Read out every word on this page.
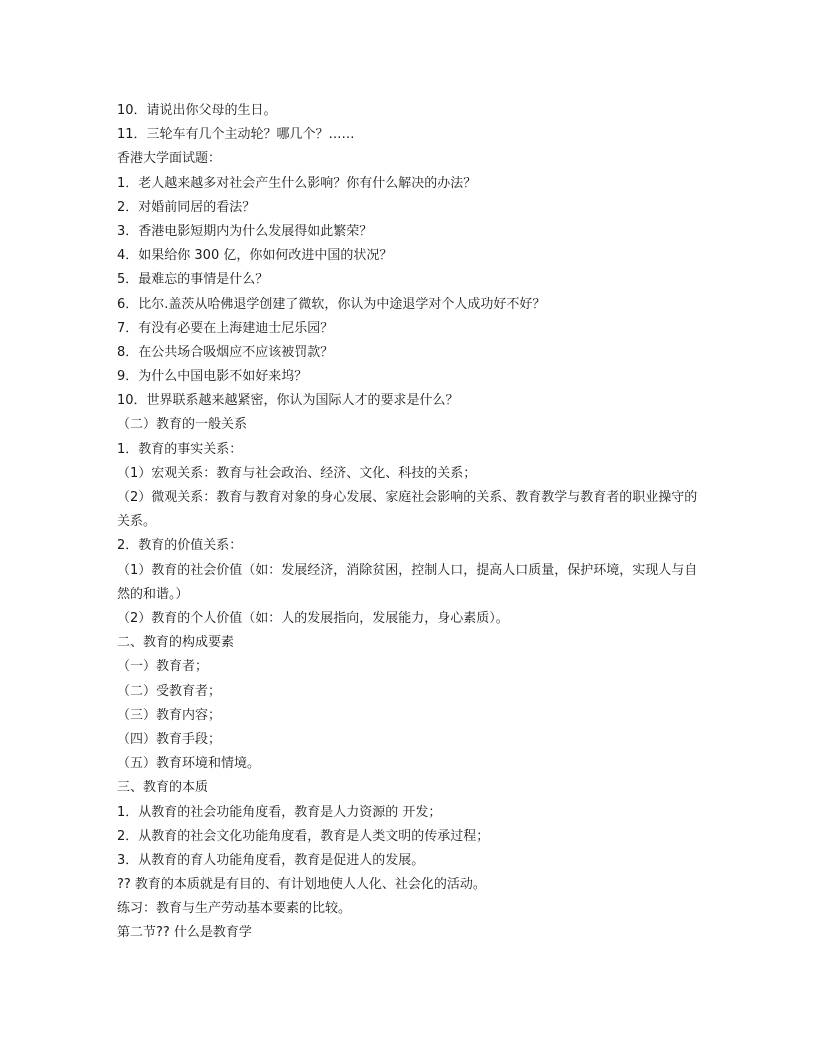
10．请说出你父母的生日。
11．三轮车有几个主动轮？哪几个？……
香港大学面试题：
1．老人越来越多对社会产生什么影响？你有什么解决的办法？
2．对婚前同居的看法？
3．香港电影短期内为什么发展得如此繁荣？
4．如果给你 300 亿，你如何改进中国的状况？
5．最难忘的事情是什么？
6．比尔.盖茨从哈佛退学创建了微软，你认为中途退学对个人成功好不好？
7．有没有必要在上海建迪士尼乐园？
8．在公共场合吸烟应不应该被罚款？
9．为什么中国电影不如好来坞？
10．世界联系越来越紧密，你认为国际人才的要求是什么？
（二）教育的一般关系
1．教育的事实关系：
（1）宏观关系：教育与社会政治、经济、文化、科技的关系；
（2）微观关系：教育与教育对象的身心发展、家庭社会影响的关系、教育教学与教育者的职业操守的关系。
2．教育的价值关系：
（1）教育的社会价值（如：发展经济，消除贫困，控制人口，提高人口质量，保护环境，实现人与自然的和谐。）
（2）教育的个人价值（如：人的发展指向，发展能力，身心素质）。
二、教育的构成要素
（一）教育者；
（二）受教育者；
（三）教育内容；
（四）教育手段；
（五）教育环境和情境。
三、教育的本质
1．从教育的社会功能角度看，教育是人力资源的 开发；
2．从教育的社会文化功能角度看，教育是人类文明的传承过程；
3．从教育的育人功能角度看，教育是促进人的发展。
?? 教育的本质就是有目的、有计划地使人人化、社会化的活动。
练习：教育与生产劳动基本要素的比较。
第二节?? 什么是教育学
